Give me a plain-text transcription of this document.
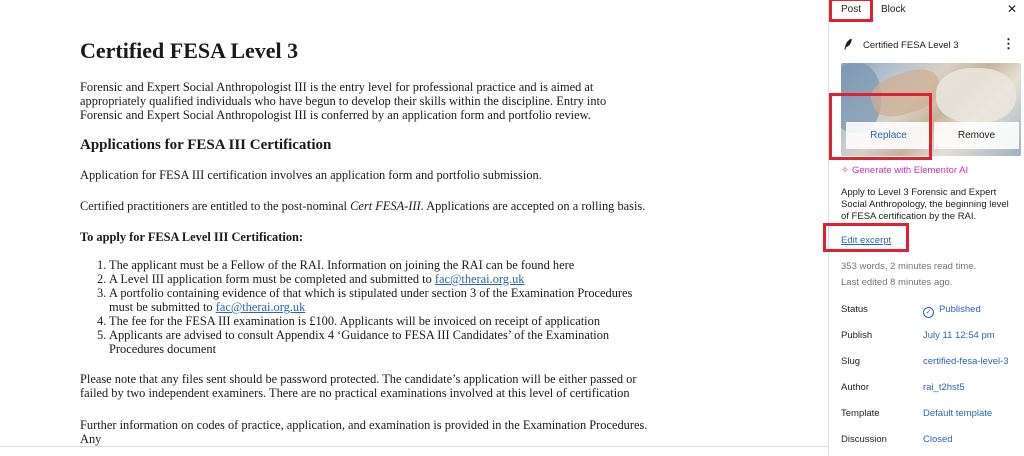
Certified FESA Level 3

Forensic and Expert Social Anthropologist III is the entry level for professional practice and is aimed at appropriately qualified individuals who have begun to develop their skills within the discipline. Entry into Forensic and Expert Social Anthropologist III is conferred by an application form and portfolio review.

Applications for FESA III Certification

Application for FESA III certification involves an application form and portfolio submission.

Certified practitioners are entitled to the post-nominal Cert FESA-III. Applications are accepted on a rolling basis.

To apply for FESA Level III Certification:
1. The applicant must be a Fellow of the RAI. Information on joining the RAI can be found here
2. A Level III application form must be completed and submitted to fac@therai.org.uk
3. A portfolio containing evidence of that which is stipulated under section 3 of the Examination Procedures must be submitted to fac@therai.org.uk
4. The fee for the FESA III examination is £100. Applicants will be invoiced on receipt of application
5. Applicants are advised to consult Appendix 4 ‘Guidance to FESA III Candidates’ of the Examination Procedures document

Please note that any files sent should be password protected. The candidate’s application will be either passed or failed by two independent examiners. There are no practical examinations involved at this level of certification

Further information on codes of practice, application, and examination is provided in the Examination Procedures. Any

Post	Block	✕
Certified FESA Level 3	⋮
Replace	Remove
✧ Generate with Elementor AI
Apply to Level 3 Forensic and Expert Social Anthropology, the beginning level of FESA certification by the RAI.
Edit excerpt
353 words, 2 minutes read time.
Last edited 8 minutes ago.
Status	✓ Published
Publish	July 11 12:54 pm
Slug	certified-fesa-level-3
Author	rai_t2hst5
Template	Default template
Discussion	Closed
